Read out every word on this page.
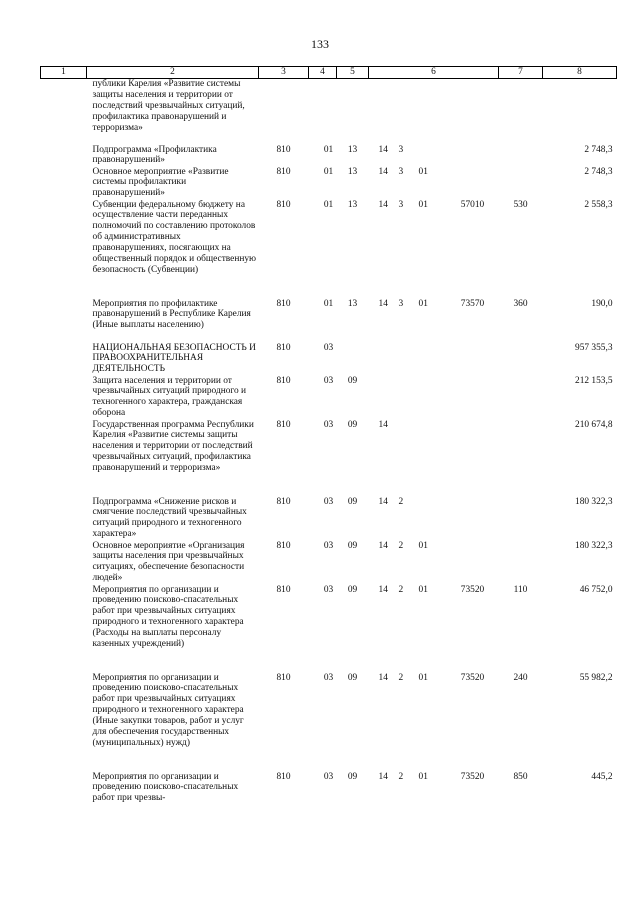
133
1	2	3	4	5	6				7	8
	публики Карелия «Развитие системы защиты населения и территории от последствий чрезвычайных ситуаций, профилактика правонарушений и терроризма»									
	Подпрограмма «Профилактика правонарушений»	810	01	13	14	3				2 748,3
	Основное мероприятие «Развитие системы профилактики правонарушений»	810	01	13	14	3	01			2 748,3
	Субвенции федеральному бюджету на осуществление части переданных полномочий по составлению протоколов об административных правонарушениях, посягающих на общественный порядок и общественную безопасность (Субвенции)	810	01	13	14	3	01	57010	530	2 558,3
	Мероприятия по профилактике правонарушений в Республике Карелия (Иные выплаты населению)	810	01	13	14	3	01	73570	360	190,0
	НАЦИОНАЛЬНАЯ БЕЗОПАСНОСТЬ И ПРАВООХРАНИТЕЛЬНАЯ ДЕЯТЕЛЬНОСТЬ	810	03							957 355,3
	Защита населения и территории от чрезвычайных ситуаций природного и техногенного характера, гражданская оборона	810	03	09						212 153,5
	Государственная программа Республики Карелия «Развитие системы защиты населения и территории от последствий чрезвычайных ситуаций, профилактика правонарушений и терроризма»	810	03	09	14					210 674,8
	Подпрограмма «Снижение рисков и смягчение последствий чрезвычайных ситуаций природного и техногенного характера»	810	03	09	14	2				180 322,3
	Основное мероприятие «Организация защиты населения при чрезвычайных ситуациях, обеспечение безопасности людей»	810	03	09	14	2	01			180 322,3
	Мероприятия по организации и проведению поисково-спасательных работ при чрезвычайных ситуациях природного и техногенного характера (Расходы на выплаты персоналу казенных учреждений)	810	03	09	14	2	01	73520	110	46 752,0
	Мероприятия по организации и проведению поисково-спасательных работ при чрезвычайных ситуациях природного и техногенного характера (Иные закупки товаров, работ и услуг для обеспечения государственных (муниципальных) нужд)	810	03	09	14	2	01	73520	240	55 982,2
	Мероприятия по организации и проведению поисково-спасательных работ при чрезвы-	810	03	09	14	2	01	73520	850	445,2
